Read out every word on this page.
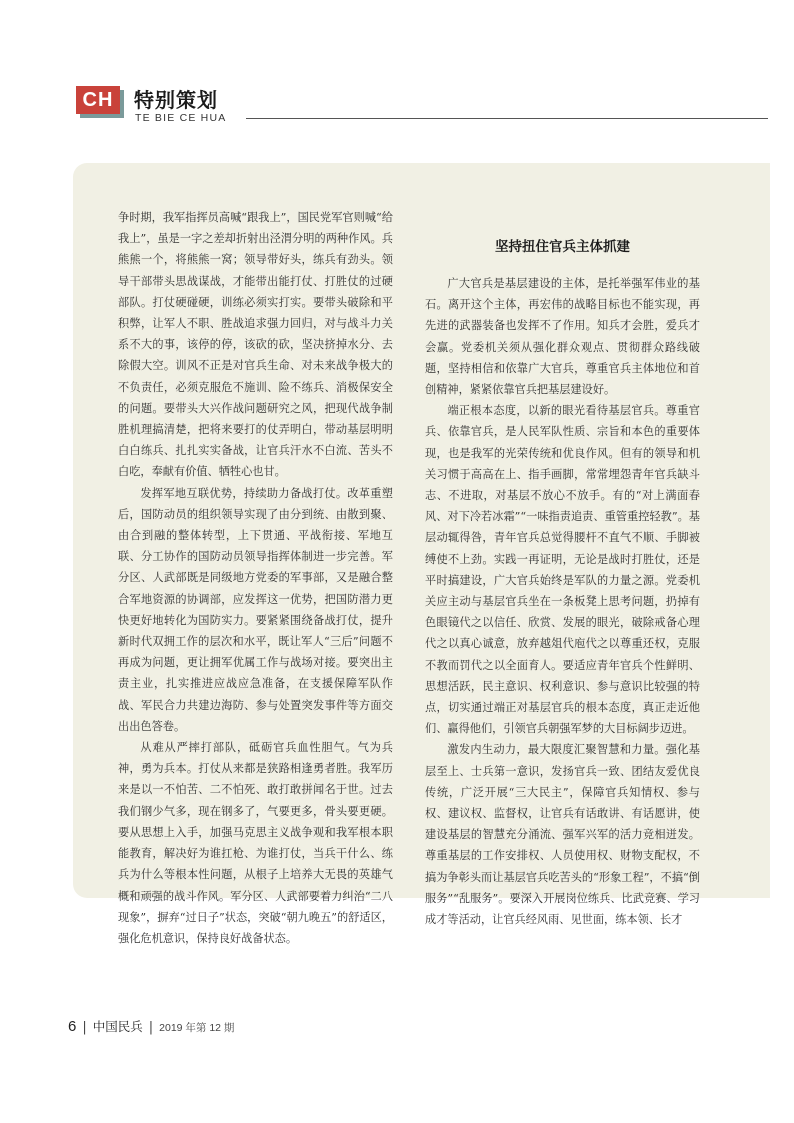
CH	特别策划
TE BIE CE HUA

争时期，我军指挥员高喊“跟我上”，国民党军官则喊“给我上”，虽是一字之差却折射出泾渭分明的两种作风。兵熊熊一个，将熊熊一窝；领导带好头，练兵有劲头。领导干部带头思战谋战，才能带出能打仗、打胜仗的过硬部队。打仗硬碰硬，训练必须实打实。要带头破除和平积弊，让军人不职、胜战追求强力回归，对与战斗力关系不大的事，该停的停，该砍的砍，坚决挤掉水分、去除假大空。训风不正是对官兵生命、对未来战争极大的不负责任，必须克服危不施训、险不练兵、消极保安全的问题。要带头大兴作战问题研究之风，把现代战争制胜机理搞清楚，把将来要打的仗弄明白，带动基层明明白白练兵、扎扎实实备战，让官兵汗水不白流、苦头不白吃，奉献有价值、牺牲心也甘。

发挥军地互联优势，持续助力备战打仗。改革重塑后，国防动员的组织领导实现了由分到统、由散到聚、由合到融的整体转型，上下贯通、平战衔接、军地互联、分工协作的国防动员领导指挥体制进一步完善。军分区、人武部既是同级地方党委的军事部，又是融合整合军地资源的协调部，应发挥这一优势，把国防潜力更快更好地转化为国防实力。要紧紧围绕备战打仗，提升新时代双拥工作的层次和水平，既让军人“三后”问题不再成为问题，更让拥军优属工作与战场对接。要突出主责主业，扎实推进应战应急准备，在支援保障军队作战、军民合力共建边海防、参与处置突发事件等方面交出出色答卷。

从难从严摔打部队，砥砺官兵血性胆气。气为兵神，勇为兵本。打仗从来都是狭路相逢勇者胜。我军历来是以一不怕苦、二不怕死、敢打敢拼闻名于世。过去我们钢少气多，现在钢多了，气要更多，骨头要更硬。要从思想上入手，加强马克思主义战争观和我军根本职能教育，解决好为谁扛枪、为谁打仗，当兵干什么、练兵为什么等根本性问题，从根子上培养大无畏的英雄气概和顽强的战斗作风。军分区、人武部要着力纠治“二八现象”，摒弃“过日子”状态，突破“朝九晚五”的舒适区，强化危机意识，保持良好战备状态。

坚持扭住官兵主体抓建

广大官兵是基层建设的主体，是托举强军伟业的基石。离开这个主体，再宏伟的战略目标也不能实现，再先进的武器装备也发挥不了作用。知兵才会胜，爱兵才会赢。党委机关须从强化群众观点、贯彻群众路线破题，坚持相信和依靠广大官兵，尊重官兵主体地位和首创精神，紧紧依靠官兵把基层建设好。

端正根本态度，以新的眼光看待基层官兵。尊重官兵、依靠官兵，是人民军队性质、宗旨和本色的重要体现，也是我军的光荣传统和优良作风。但有的领导和机关习惯于高高在上、指手画脚，常常埋怨青年官兵缺斗志、不进取，对基层不放心不放手。有的“对上满面春风、对下冷若冰霜”“一味指责追责、重管重控轻教”。基层动辄得咎，青年官兵总觉得腰杆不直气不顺、手脚被缚使不上劲。实践一再证明，无论是战时打胜仗，还是平时搞建设，广大官兵始终是军队的力量之源。党委机关应主动与基层官兵坐在一条板凳上思考问题，扔掉有色眼镜代之以信任、欣赏、发展的眼光，破除戒备心理代之以真心诚意，放弃越俎代庖代之以尊重还权，克服不教而罚代之以全面育人。要适应青年官兵个性鲜明、思想活跃，民主意识、权利意识、参与意识比较强的特点，切实通过端正对基层官兵的根本态度，真正走近他们、赢得他们，引领官兵朝强军梦的大目标阔步迈进。

激发内生动力，最大限度汇聚智慧和力量。强化基层至上、士兵第一意识，发扬官兵一致、团结友爱优良传统，广泛开展“三大民主”，保障官兵知情权、参与权、建议权、监督权，让官兵有话敢讲、有话愿讲，使建设基层的智慧充分涌流、强军兴军的活力竞相迸发。尊重基层的工作安排权、人员使用权、财物支配权，不搞为争彰头而让基层官兵吃苦头的“形象工程”，不搞“倒服务”“乱服务”。要深入开展岗位练兵、比武竞赛、学习成才等活动，让官兵经风雨、见世面，练本领、长才

6 | 中国民兵 | 2019 年第 12 期
